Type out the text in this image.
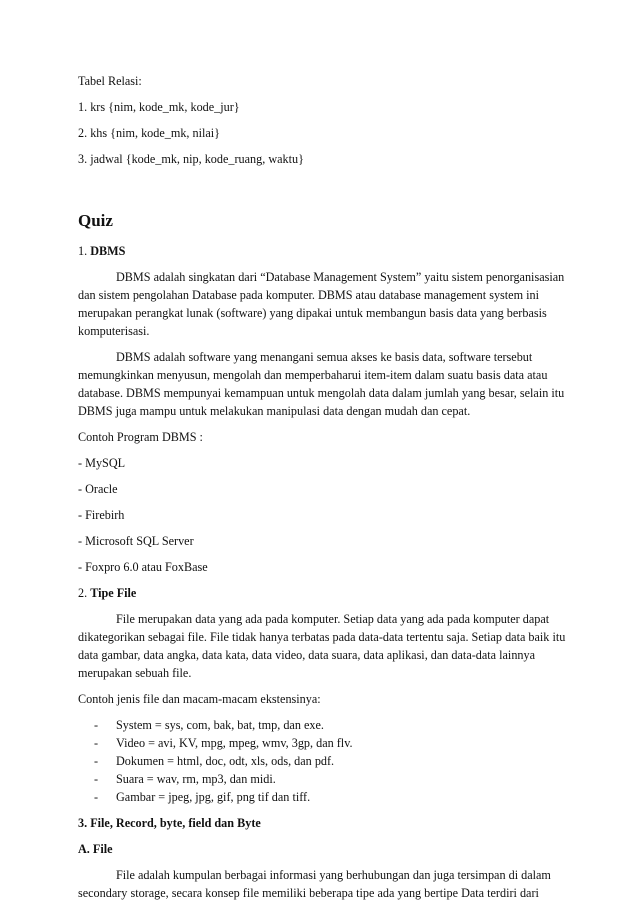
Tabel Relasi:
1. krs {nim, kode_mk, kode_jur}
2. khs {nim, kode_mk, nilai}
3. jadwal {kode_mk, nip, kode_ruang, waktu}
Quiz
1. DBMS
DBMS adalah singkatan dari “Database Management System” yaitu sistem penorganisasian
dan sistem pengolahan Database pada komputer. DBMS atau database management system ini
merupakan perangkat lunak (software) yang dipakai untuk membangun basis data yang berbasis
komputerisasi.
DBMS adalah software yang menangani semua akses ke basis data, software tersebut
memungkinkan menyusun, mengolah dan memperbaharui item-item dalam suatu basis data atau
database. DBMS mempunyai kemampuan untuk mengolah data dalam jumlah yang besar, selain itu
DBMS juga mampu untuk melakukan manipulasi data dengan mudah dan cepat.
Contoh Program DBMS :
- MySQL
- Oracle
- Firebirh
- Microsoft SQL Server
- Foxpro 6.0 atau FoxBase
2. Tipe File
File merupakan data yang ada pada komputer. Setiap data yang ada pada komputer dapat
dikategorikan sebagai file. File tidak hanya terbatas pada data-data tertentu saja. Setiap data baik itu
data gambar, data angka, data kata, data video, data suara, data aplikasi, dan data-data lainnya
merupakan sebuah file.
Contoh jenis file dan macam-macam ekstensinya:
- System = sys, com, bak, bat, tmp, dan exe.
- Video = avi, KV, mpg, mpeg, wmv, 3gp, dan flv.
- Dokumen = html, doc, odt, xls, ods, dan pdf.
- Suara = wav, rm, mp3, dan midi.
- Gambar = jpeg, jpg, gif, png tif dan tiff.
3. File, Record, byte, field dan Byte
A. File
File adalah kumpulan berbagai informasi yang berhubungan dan juga tersimpan di dalam
secondary storage, secara konsep file memiliki beberapa tipe ada yang bertipe Data terdiri dari
